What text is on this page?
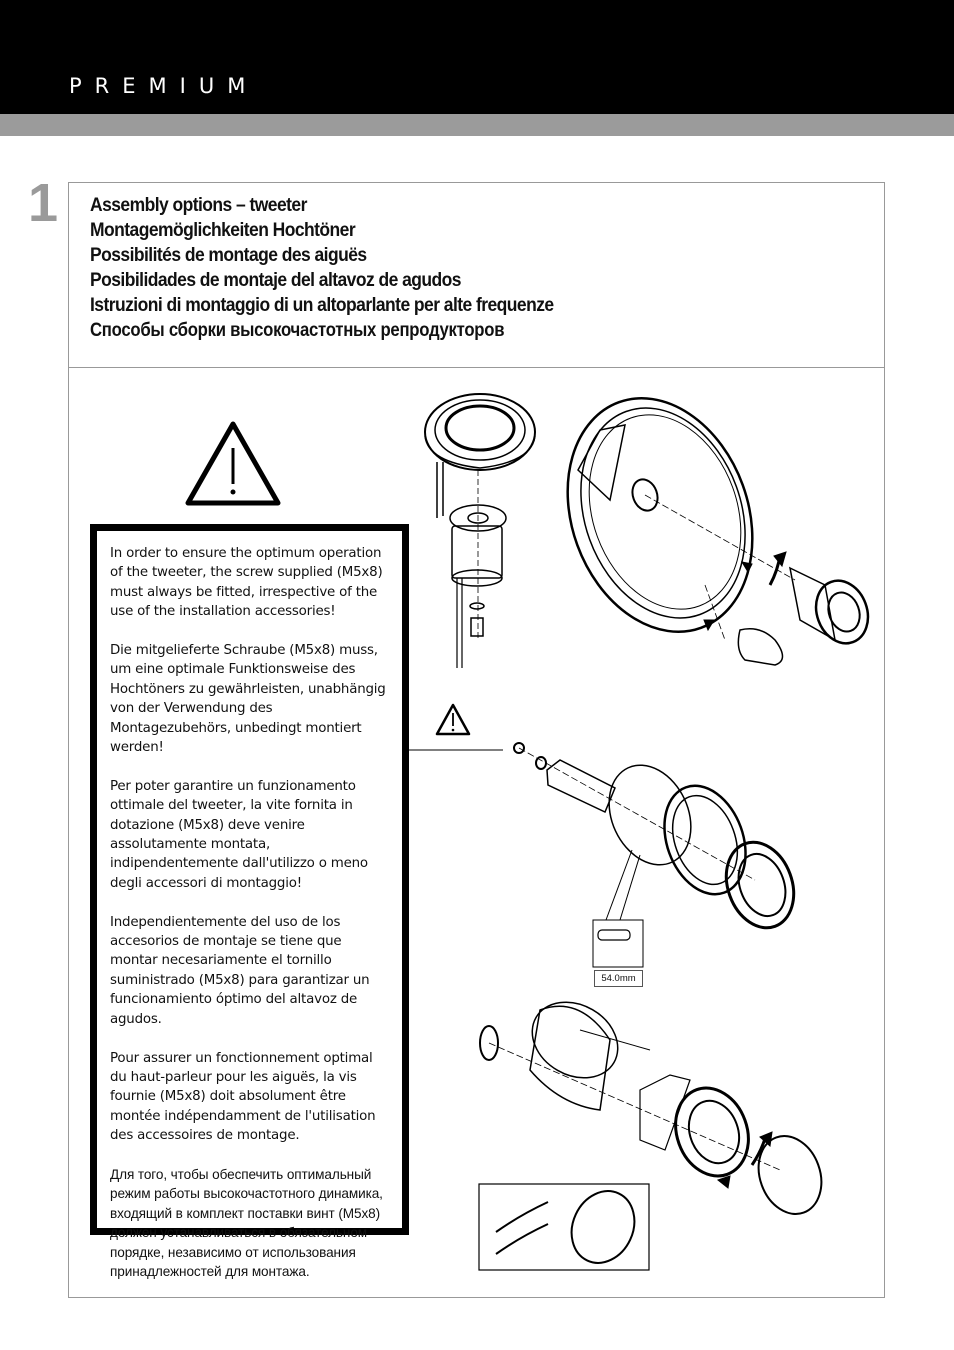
PREMIUM
1 Assembly options – tweeter
Montagemöglichkeiten Hochtöner
Possibilités de montage des aiguës
Posibilidades de montaje del altavoz de agudos
Istruzioni di montaggio di un altoparlante per alte frequenze
Способы сборки высокочастотных репродукторов
54.0mm

In order to ensure the optimum operation of the tweeter, the screw supplied (M5x8) must always be fitted, irrespective of the use of the installation accessories!

Die mitgelieferte Schraube (M5x8) muss, um eine optimale Funktionsweise des Hochtöners zu gewährleisten, unabhängig von der Verwendung des Montagezubehörs, unbedingt montiert werden!

Per poter garantire un funzionamento ottimale del tweeter, la vite fornita in dotazione (M5x8) deve venire assolutamente montata, indipendentemente dall'utilizzo o meno degli accessori di montaggio!

Independientemente del uso de los accesorios de montaje se tiene que montar necesariamente el tornillo suministrado (M5x8) para garantizar un funcionamiento óptimo del altavoz de agudos.

Pour assurer un fonctionnement optimal du haut-parleur pour les aiguës, la vis fournie (M5x8) doit absolument être montée indépendamment de l'utilisation des accessoires de montage.

Для того, чтобы обеспечить оптимальный режим работы высокочастотного динамика, входящий в комплект поставки винт (M5x8) должен устанавливаться в обязательном порядке, независимо от использования принадлежностей для монтажа.
